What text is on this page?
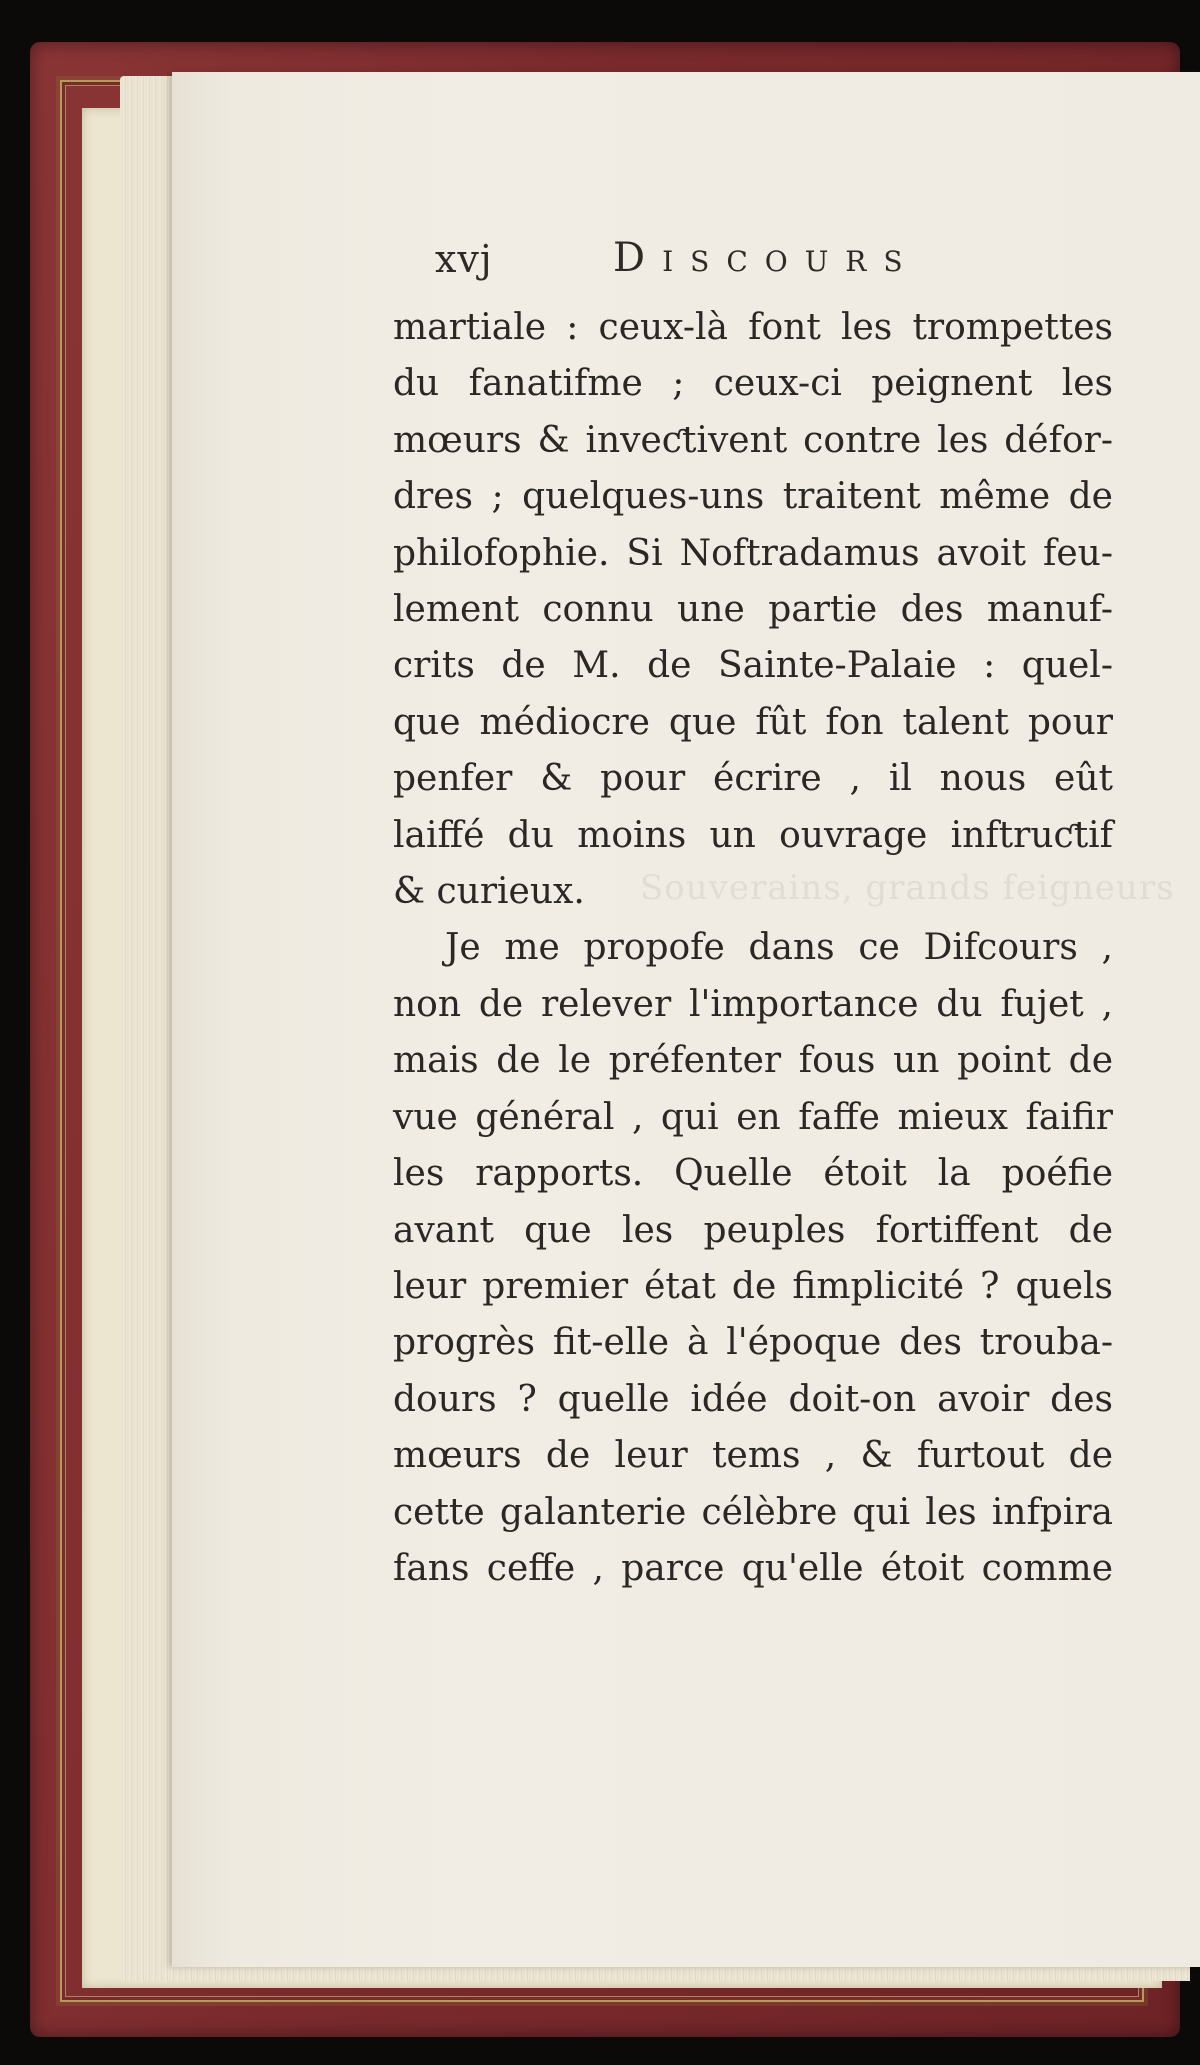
Souverains, grands feigneurs
xvj	Discours
martiale : ceux-là font les trompettes
du fanatifme ; ceux-ci peignent les
mœurs & inveƈtivent contre les défor-
dres ; quelques-uns traitent même de
philofophie. Si Noftradamus avoit feu-
lement connu une partie des manuf-
crits de M. de Sainte-Palaie : quel-
que médiocre que fût fon talent pour
penfer & pour écrire , il nous eût
laiffé du moins un ouvrage inftruƈtif
& curieux.
Je me propofe dans ce Difcours ,
non de relever l'importance du fujet ,
mais de le préfenter fous un point de
vue général , qui en faffe mieux faifir
les rapports. Quelle étoit la poéfie
avant que les peuples fortiffent de
leur premier état de fimplicité ? quels
progrès fit-elle à l'époque des trouba-
dours ? quelle idée doit-on avoir des
mœurs de leur tems , & furtout de
cette galanterie célèbre qui les infpira
fans ceffe , parce qu'elle étoit comme
